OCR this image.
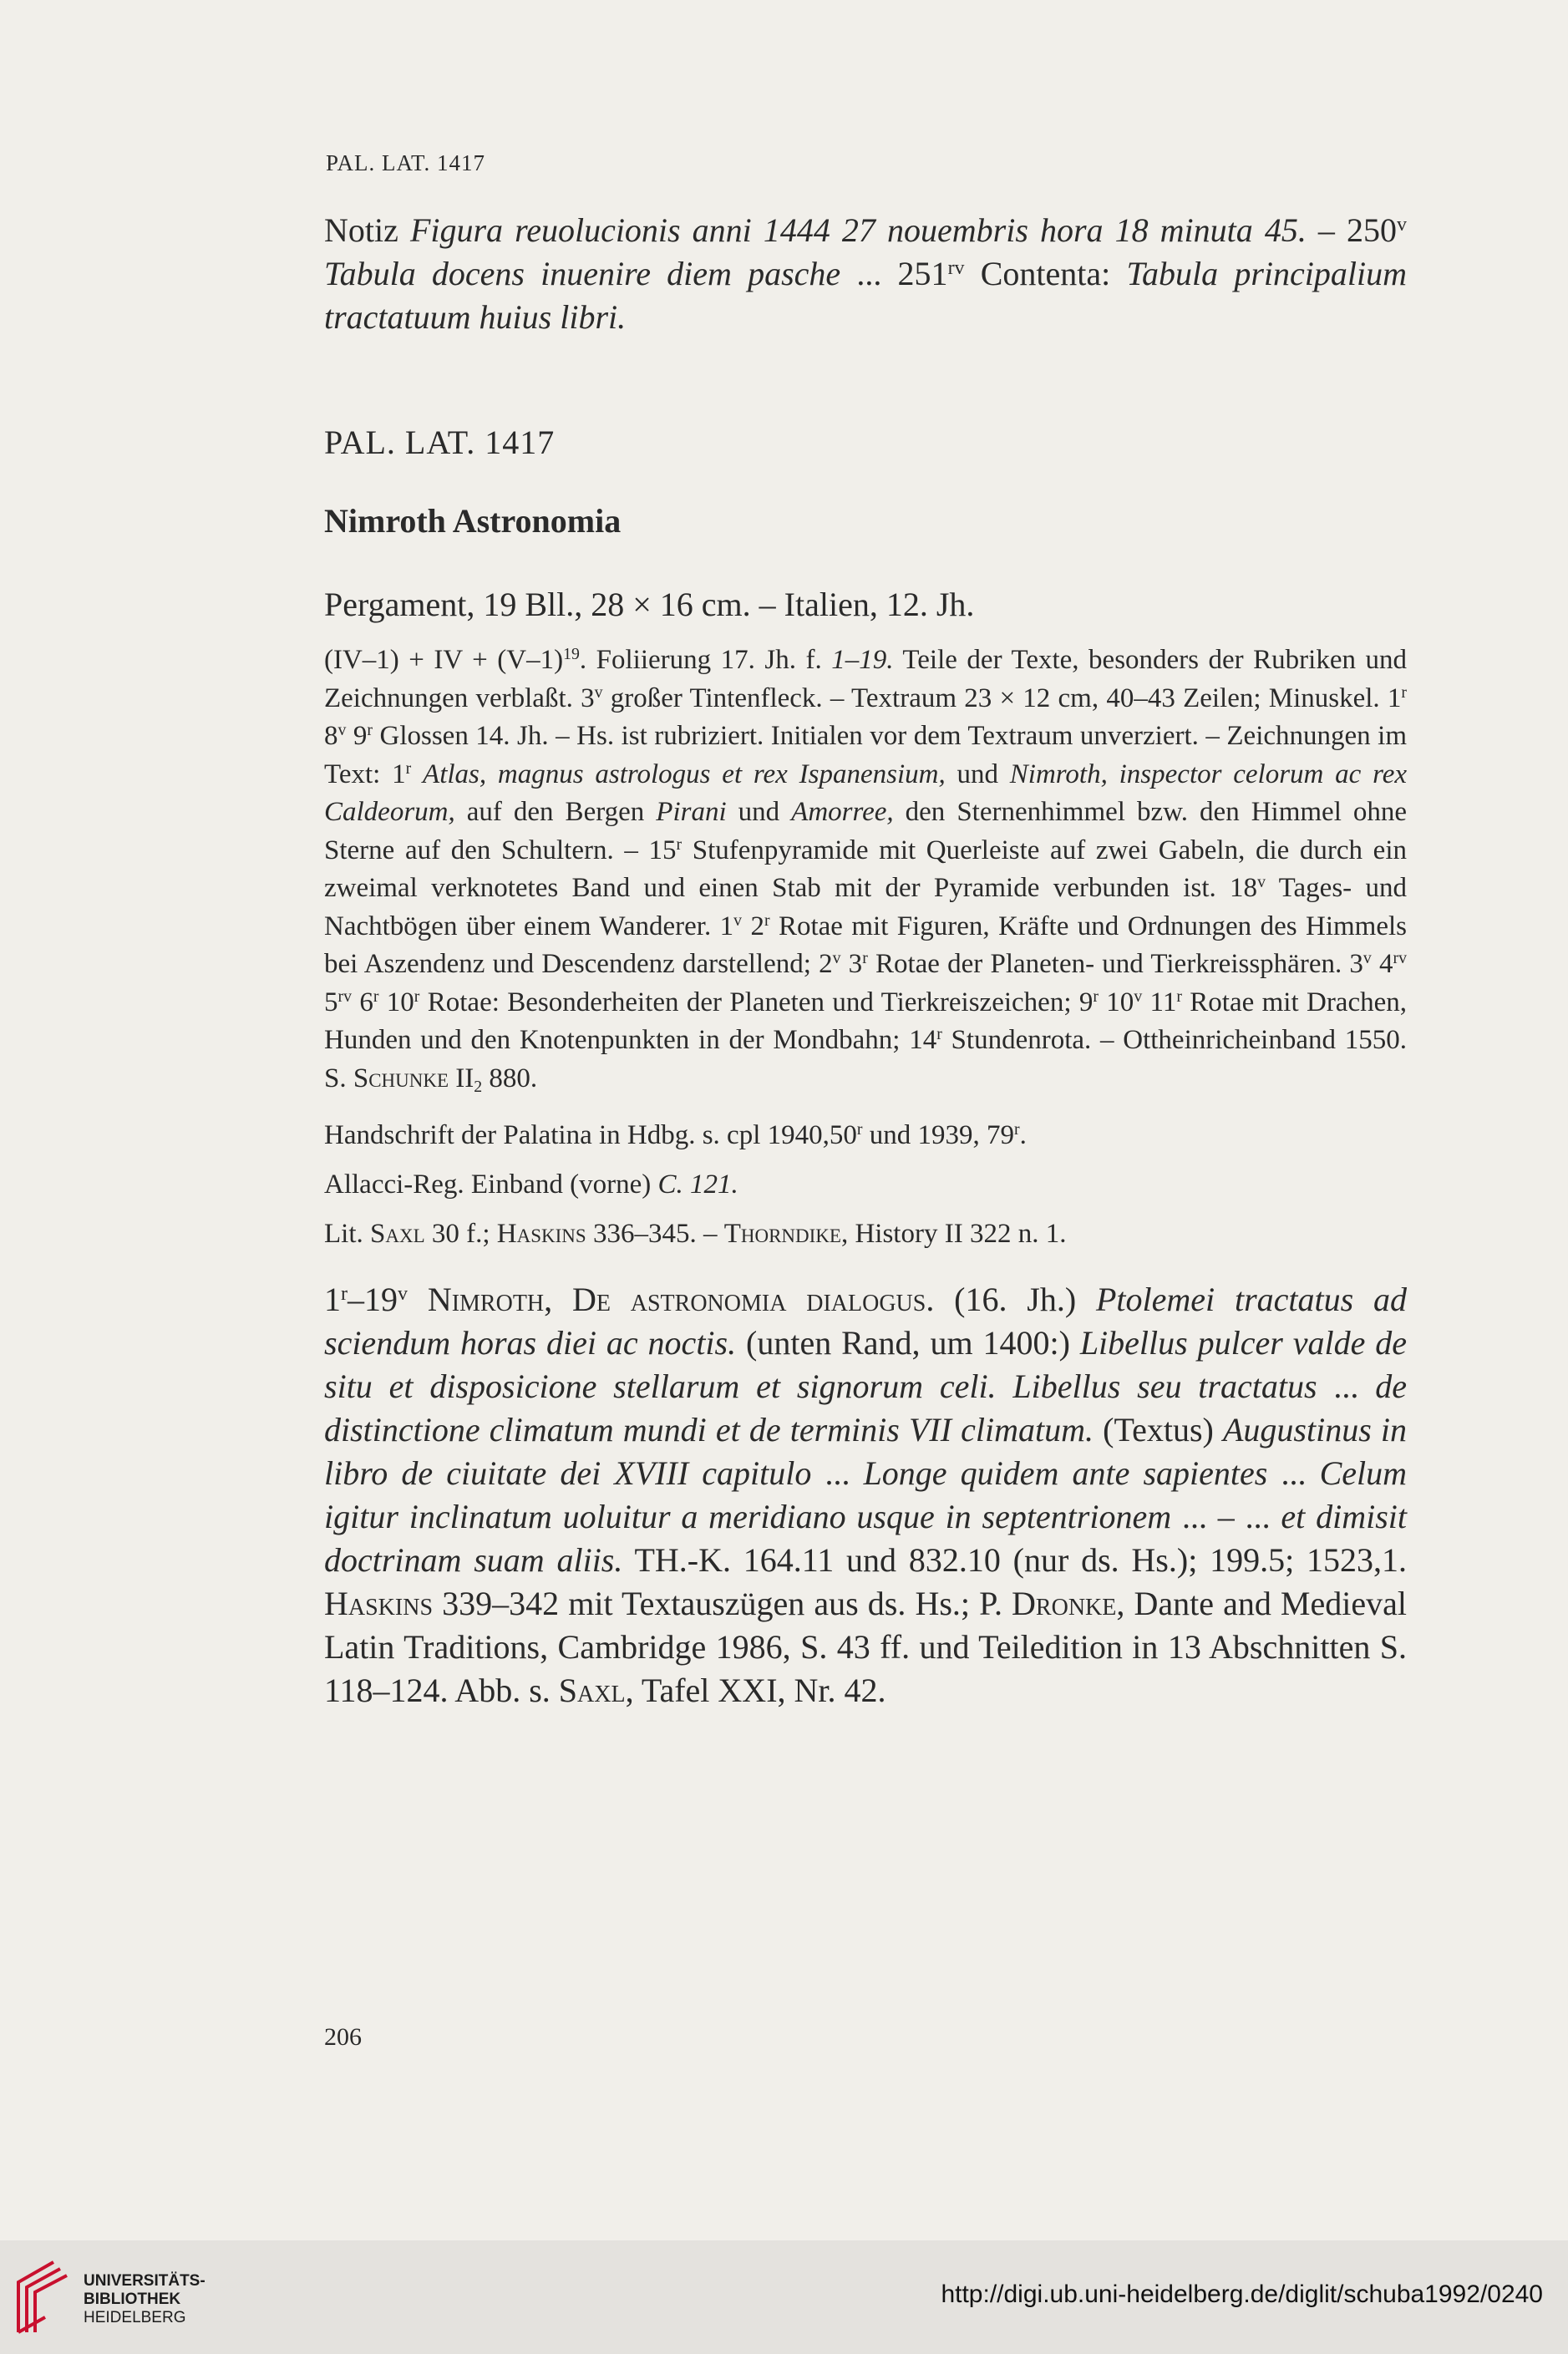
PAL. LAT. 1417
Notiz Figura reuolucionis anni 1444 27 nouembris hora 18 minuta 45. – 250$^v$ Tabula docens inuenire diem pasche ... $251^{rv}$ Contenta: Tabula principalium tractatuum huius libri.
PAL. LAT. 1417
Nimroth Astronomia
Pergament, 19 Bll., 28 × 16 cm. – Italien, 12. Jh.
(IV–1) + IV + $(V-1)^{19}$. Foliierung 17. Jh. f. 1–19. Teile der Texte, besonders der Rubriken und Zeichnungen verblaßt. 3$^v$ großer Tintenfleck. – Textraum 23 × 12 cm, 40–43 Zeilen; Minuskel. 1$^r$ 8$^v$ 9$^r$ Glossen 14. Jh. – Hs. ist rubriziert. Initialen vor dem Textraum unverziert. – Zeichnungen im Text: 1$^r$ Atlas, magnus astrologus et rex Ispanensium, und Nimroth, inspector celorum ac rex Caldeorum, auf den Bergen Pirani und Amorree, den Sternenhimmel bzw. den Himmel ohne Sterne auf den Schultern. – 15$^r$ Stufenpyramide mit Querleiste auf zwei Gabeln, die durch ein zweimal verknotetes Band und einen Stab mit der Pyramide verbunden ist. 18$^v$ Tages- und Nachtbögen über einem Wanderer. 1$^v$ 2$^r$ Rotae mit Figuren, Kräfte und Ordnungen des Himmels bei Aszendenz und Descendenz darstellend; 2$^v$ 3$^r$ Rotae der Planeten- und Tierkreissphären. 3$^v$ $4^{rv}$ $5^{rv}$ 6$^r$ 10$^r$ Rotae: Besonderheiten der Planeten und Tierkreiszeichen; 9$^r$ 10$^v$ 11$^r$ Rotae mit Drachen, Hunden und den Knotenpunkten in der Mondbahn; 14$^r$ Stundenrota. – Ottheinricheinband 1550. S. Schunke $II_2$ 880.
Handschrift der Palatina in Hdbg. s. cpl 1940,50$^r$ und 1939, 79$^r$.
Allacci-Reg. Einband (vorne) C. 121.
Lit. Saxl 30 f.; Haskins 336–345. – Thorndike, History II 322 n. 1.
1$^r$–19$^v$ Nimroth, De astronomia dialogus. (16. Jh.) Ptolemei tractatus ad sciendum horas diei ac noctis. (unten Rand, um 1400:) Libellus pulcer valde de situ et disposicione stellarum et signorum celi. Libellus seu tractatus ... de distinctione climatum mundi et de terminis VII climatum. (Textus) Augustinus in libro de ciuitate dei XVIII capitulo ... Longe quidem ante sapientes ... Celum igitur inclinatum uoluitur a meridiano usque in septentrionem ... – ... et dimisit doctrinam suam aliis. TH.-K. 164.11 und 832.10 (nur ds. Hs.); 199.5; 1523,1. Haskins 339–342 mit Textauszügen aus ds. Hs.; P. Dronke, Dante and Medieval Latin Traditions, Cambridge 1986, S. 43 ff. und Teiledition in 13 Abschnitten S. 118–124. Abb. s. Saxl, Tafel XXI, Nr. 42.
206
UNIVERSITÄTS-
BIBLIOTHEK
HEIDELBERG
http://digi.ub.uni-heidelberg.de/diglit/schuba1992/0240
